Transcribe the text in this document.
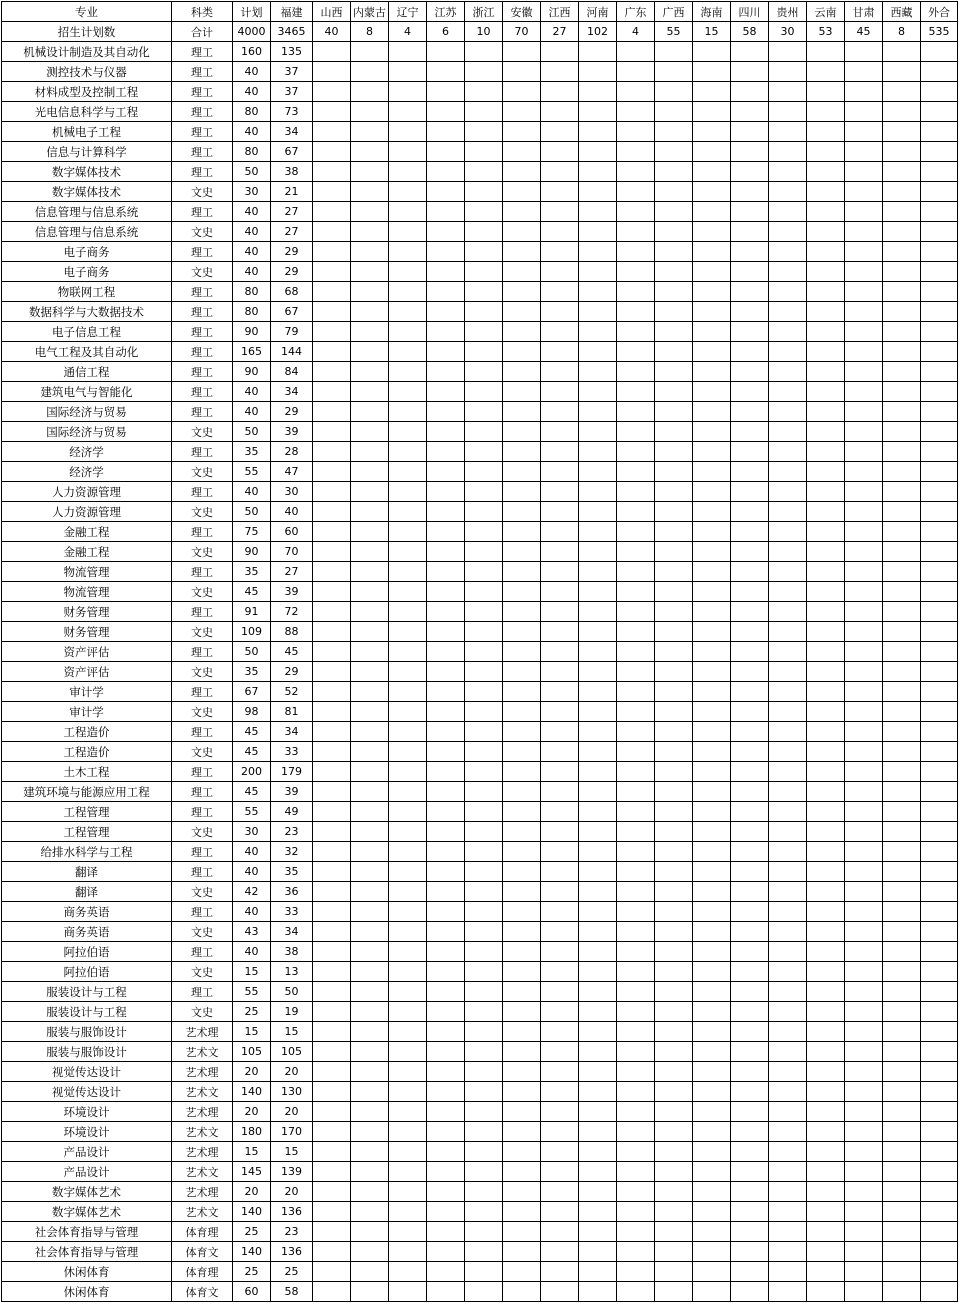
专业	科类	计划	福建	山西	内蒙古	辽宁	江苏	浙江	安徽	江西	河南	广东	广西	海南	四川	贵州	云南	甘肃	西藏	外合
招生计划数	合计	4000	3465	40	8	4	6	10	70	27	102	4	55	15	58	30	53	45	8	535
机械设计制造及其自动化	理工	160	135																	
测控技术与仪器	理工	40	37																	
材料成型及控制工程	理工	40	37																	
光电信息科学与工程	理工	80	73																	
机械电子工程	理工	40	34																	
信息与计算科学	理工	80	67																	
数字媒体技术	理工	50	38																	
数字媒体技术	文史	30	21																	
信息管理与信息系统	理工	40	27																	
信息管理与信息系统	文史	40	27																	
电子商务	理工	40	29																	
电子商务	文史	40	29																	
物联网工程	理工	80	68																	
数据科学与大数据技术	理工	80	67																	
电子信息工程	理工	90	79																	
电气工程及其自动化	理工	165	144																	
通信工程	理工	90	84																	
建筑电气与智能化	理工	40	34																	
国际经济与贸易	理工	40	29																	
国际经济与贸易	文史	50	39																	
经济学	理工	35	28																	
经济学	文史	55	47																	
人力资源管理	理工	40	30																	
人力资源管理	文史	50	40																	
金融工程	理工	75	60																	
金融工程	文史	90	70																	
物流管理	理工	35	27																	
物流管理	文史	45	39																	
财务管理	理工	91	72																	
财务管理	文史	109	88																	
资产评估	理工	50	45																	
资产评估	文史	35	29																	
审计学	理工	67	52																	
审计学	文史	98	81																	
工程造价	理工	45	34																	
工程造价	文史	45	33																	
土木工程	理工	200	179																	
建筑环境与能源应用工程	理工	45	39																	
工程管理	理工	55	49																	
工程管理	文史	30	23																	
给排水科学与工程	理工	40	32																	
翻译	理工	40	35																	
翻译	文史	42	36																	
商务英语	理工	40	33																	
商务英语	文史	43	34																	
阿拉伯语	理工	40	38																	
阿拉伯语	文史	15	13																	
服装设计与工程	理工	55	50																	
服装设计与工程	文史	25	19																	
服装与服饰设计	艺术理	15	15																	
服装与服饰设计	艺术文	105	105																	
视觉传达设计	艺术理	20	20																	
视觉传达设计	艺术文	140	130																	
环境设计	艺术理	20	20																	
环境设计	艺术文	180	170																	
产品设计	艺术理	15	15																	
产品设计	艺术文	145	139																	
数字媒体艺术	艺术理	20	20																	
数字媒体艺术	艺术文	140	136																	
社会体育指导与管理	体育理	25	23																	
社会体育指导与管理	体育文	140	136																	
休闲体育	体育理	25	25																	
休闲体育	体育文	60	58																	
